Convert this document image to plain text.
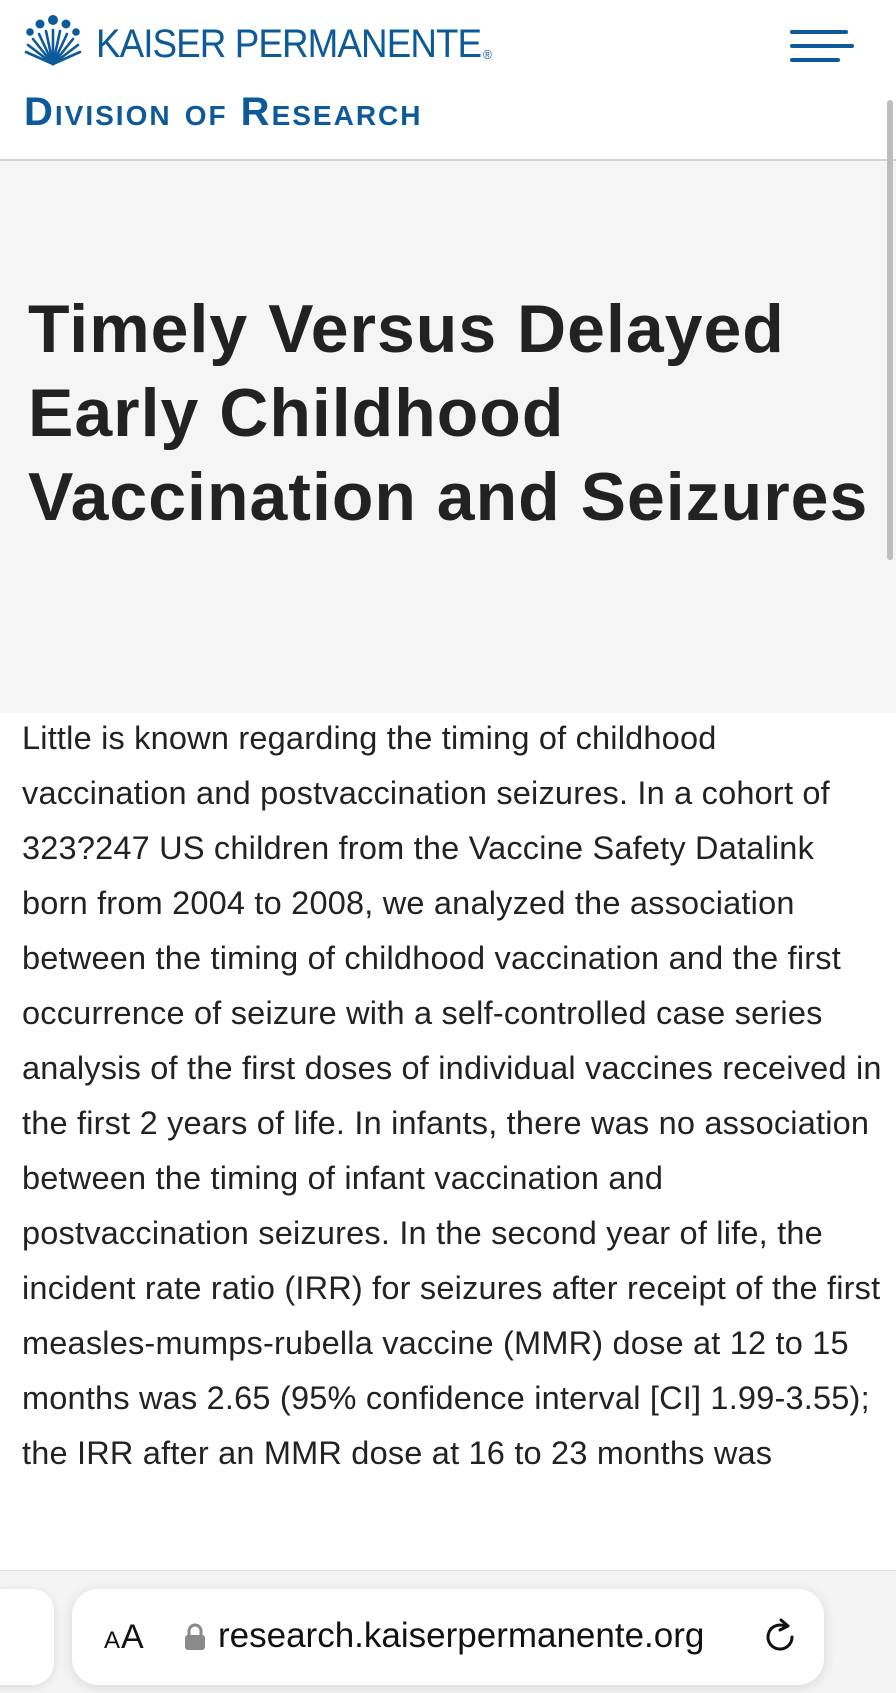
KAISER PERMANENTE ®
Division of Research
Timely Versus Delayed Early Childhood Vaccination and Seizures

Little is known regarding the timing of childhood vaccination and postvaccination seizures. In a cohort of 323?247 US children from the Vaccine Safety Datalink born from 2004 to 2008, we analyzed the association between the timing of childhood vaccination and the first occurrence of seizure with a self-controlled case series analysis of the first doses of individual vaccines received in the first 2 years of life. In infants, there was no association between the timing of infant vaccination and postvaccination seizures. In the second year of life, the incident rate ratio (IRR) for seizures after receipt of the first measles-mumps-rubella vaccine (MMR) dose at 12 to 15 months was 2.65 (95% confidence interval [CI] 1.99-3.55); the IRR after an MMR dose at 16 to 23 months was

AA research.kaiserpermanente.org
